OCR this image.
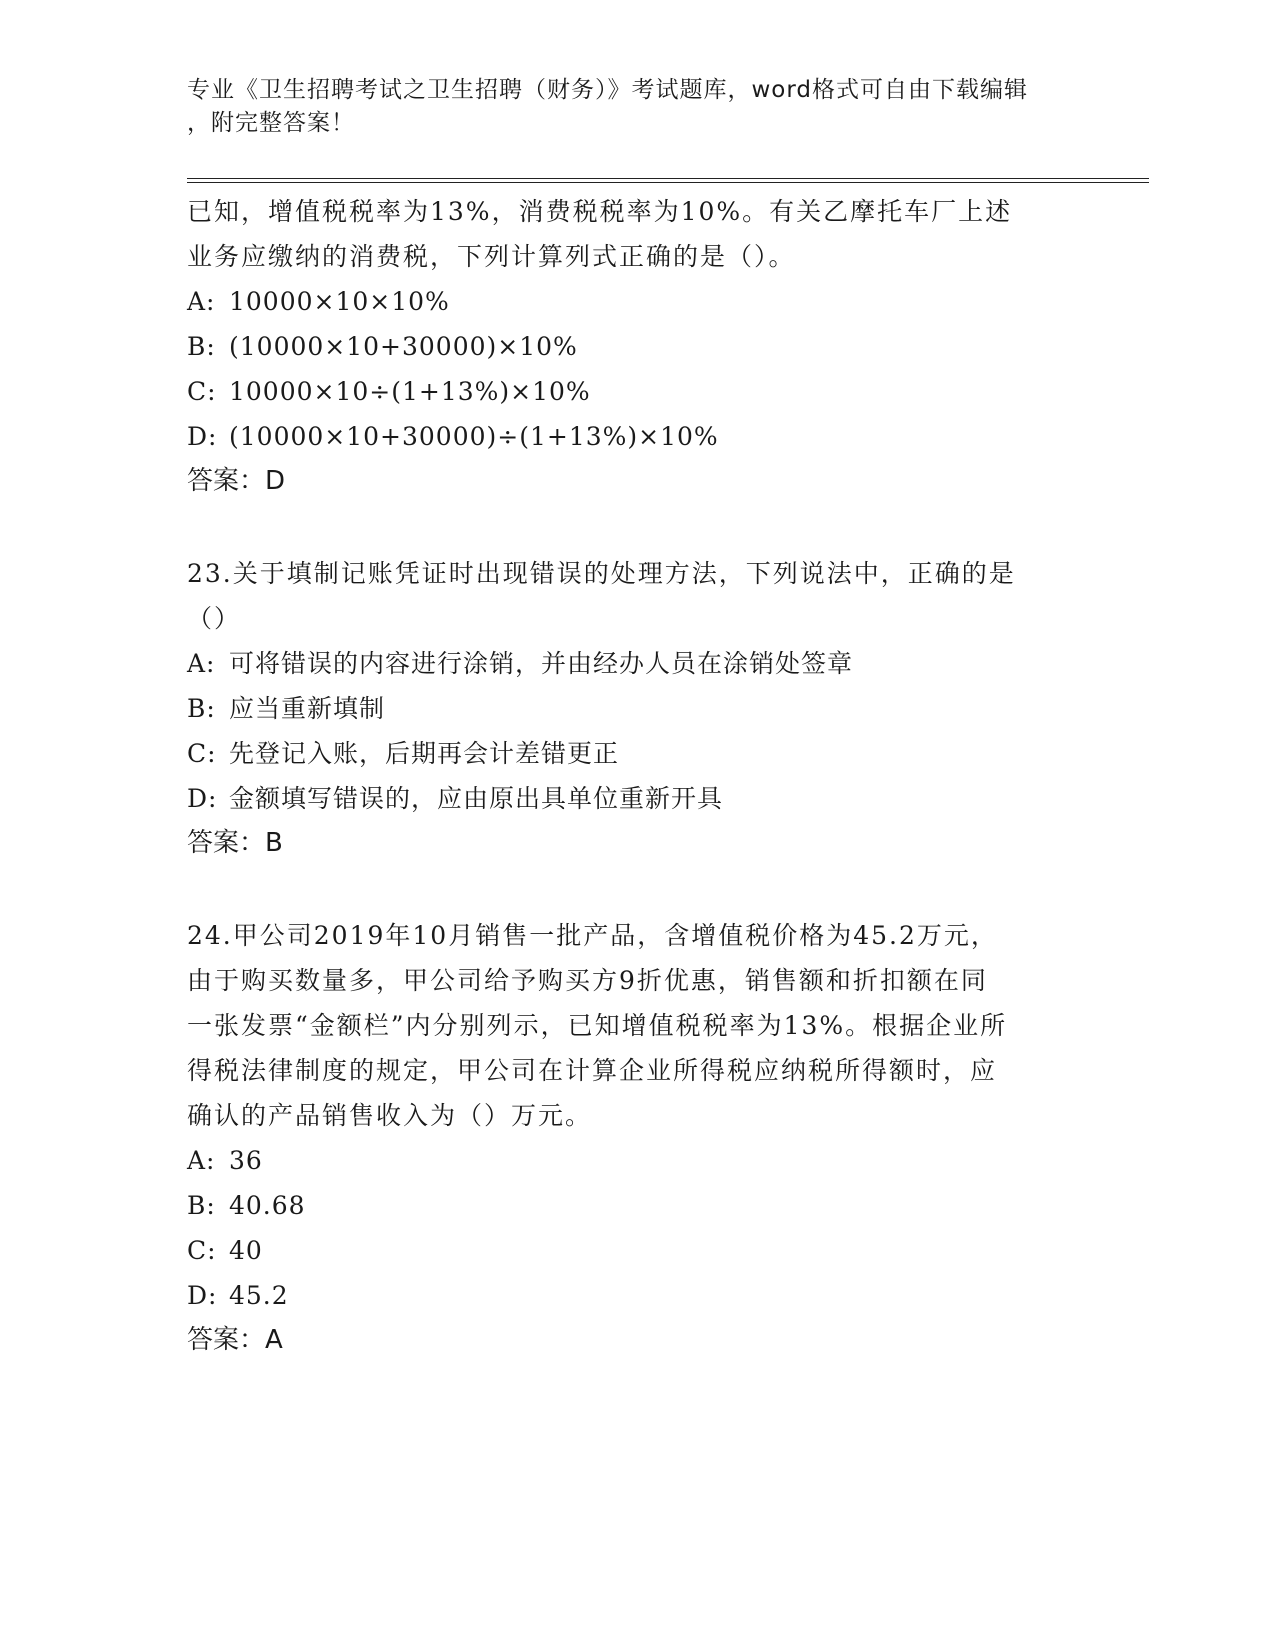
专业《卫生招聘考试之卫生招聘（财务）》考试题库，word格式可自由下载编辑
，附完整答案！
已知，增值税税率为13%，消费税税率为10%。有关乙摩托车厂上述
业务应缴纳的消费税，下列计算列式正确的是（）。
A: 10000×10×10%
B: (10000×10+30000)×10%
C: 10000×10÷(1+13%)×10%
D: (10000×10+30000)÷(1+13%)×10%
答案：D
23.关于填制记账凭证时出现错误的处理方法，下列说法中，正确的是
（）
A: 可将错误的内容进行涂销，并由经办人员在涂销处签章
B: 应当重新填制
C: 先登记入账，后期再会计差错更正
D: 金额填写错误的，应由原出具单位重新开具
答案：B
24.甲公司2019年10月销售一批产品，含增值税价格为45.2万元，
由于购买数量多，甲公司给予购买方9折优惠，销售额和折扣额在同
一张发票“金额栏”内分别列示，已知增值税税率为13%。根据企业所
得税法律制度的规定，甲公司在计算企业所得税应纳税所得额时，应
确认的产品销售收入为（）万元。
A: 36
B: 40.68
C: 40
D: 45.2
答案：A
